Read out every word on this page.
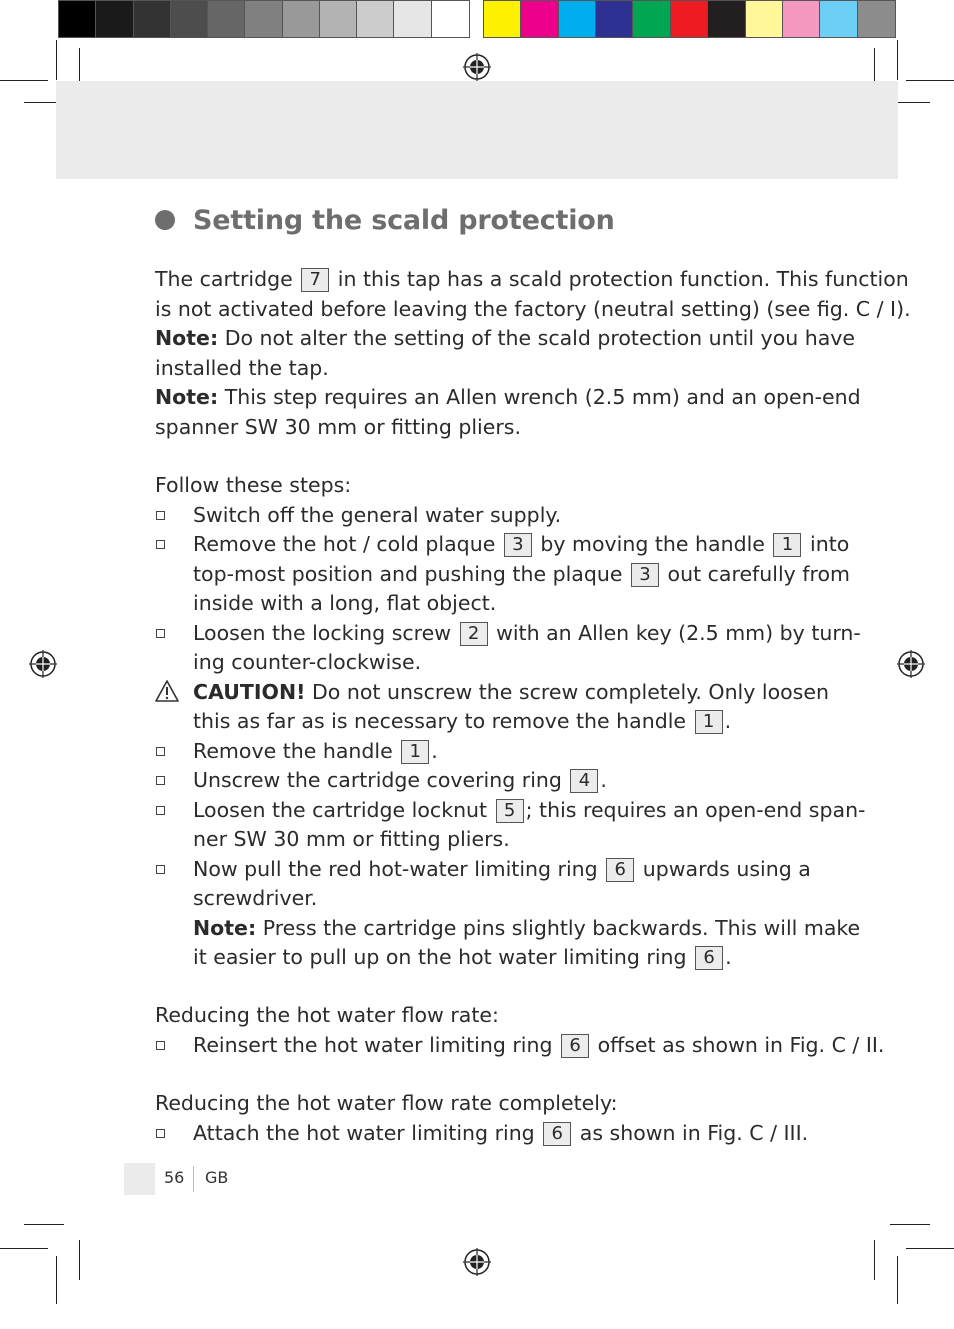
Setting the scald protection
The cartridge 7 in this tap has a scald protection function. This function
is not activated before leaving the factory (neutral setting) (see fig. C / I).
Note: Do not alter the setting of the scald protection until you have
installed the tap.
Note: This step requires an Allen wrench (2.5 mm) and an open-end
spanner SW 30 mm or fitting pliers.
Follow these steps:
Switch off the general water supply.
Remove the hot / cold plaque 3 by moving the handle 1 into
top-most position and pushing the plaque 3 out carefully from
inside with a long, flat object.
Loosen the locking screw 2 with an Allen key (2.5 mm) by turn-
ing counter-clockwise.
CAUTION! Do not unscrew the screw completely. Only loosen
this as far as is necessary to remove the handle 1 .
Remove the handle 1 .
Unscrew the cartridge covering ring 4 .
Loosen the cartridge locknut 5 ; this requires an open-end span-
ner SW 30 mm or fitting pliers.
Now pull the red hot-water limiting ring 6 upwards using a
screwdriver.
Note: Press the cartridge pins slightly backwards. This will make
it easier to pull up on the hot water limiting ring 6 .
Reducing the hot water flow rate:
Reinsert the hot water limiting ring 6 offset as shown in Fig. C / II.
Reducing the hot water flow rate completely:
Attach the hot water limiting ring 6 as shown in Fig. C / III.
56 GB
